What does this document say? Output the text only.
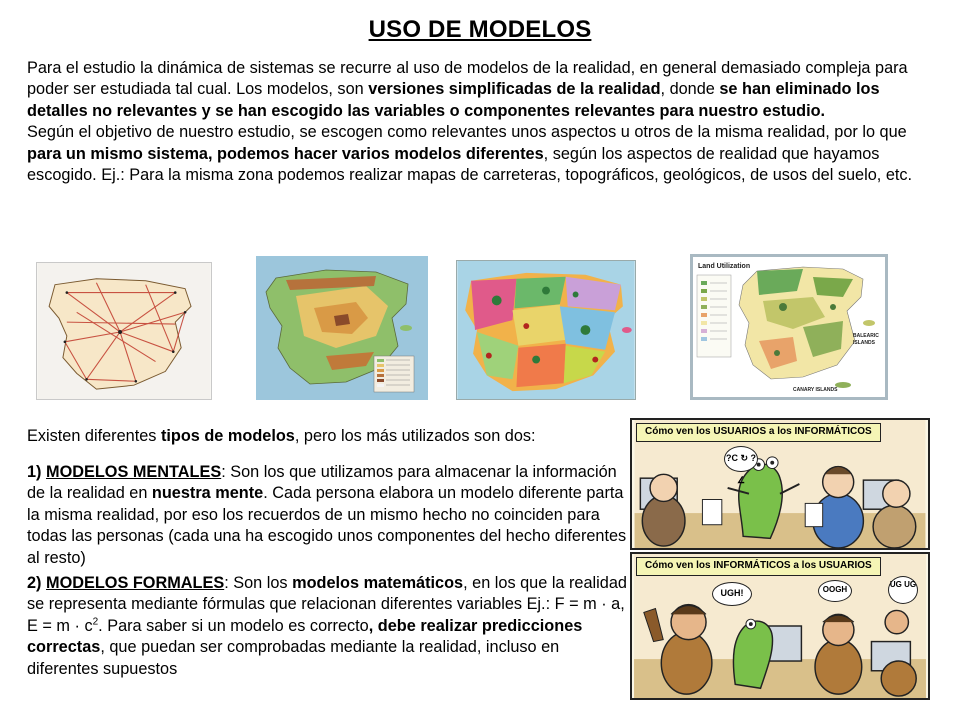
USO DE MODELOS

Para el estudio la dinámica de sistemas se recurre al uso de modelos de la realidad, en general demasiado compleja para poder ser estudiada tal cual. Los modelos, son versiones simplificadas de la realidad, donde se han eliminado los detalles no relevantes y se han escogido las variables o componentes relevantes para nuestro estudio.

Según el objetivo de nuestro estudio, se escogen como relevantes unos aspectos u otros de la misma realidad, por lo que para un mismo sistema, podemos hacer varios modelos diferentes, según los aspectos de realidad que hayamos escogido. Ej.: Para la misma zona podemos realizar mapas de carreteras, topográficos, geológicos, de usos del suelo, etc.

Land Utilization
BALEARIC ISLANDS
CANARY ISLANDS
Existen diferentes tipos de modelos, pero los más utilizados son dos:
1) MODELOS MENTALES: Son los que utilizamos para almacenar la información de la realidad en nuestra mente. Cada persona elabora un modelo diferente parta la misma realidad, por eso los recuerdos de un mismo hecho no coinciden para todas las personas (cada una ha escogido unos componentes del hecho diferentes al resto)
2) MODELOS FORMALES: Son los modelos matemáticos, en los que la realidad se representa mediante fórmulas que relacionan diferentes variables Ej.: F = m · a, $E = m \cdot c^2$. Para saber si un modelo es correcto, debe realizar predicciones correctas, que puedan ser comprobadas mediante la realidad, incluso en diferentes supuestos
Cómo ven los USUARIOS a los INFORMÁTICOS
?C ↻ ?∠
Cómo ven los INFORMÁTICOS a los USUARIOS
UGH!	OOGH
UG UG
